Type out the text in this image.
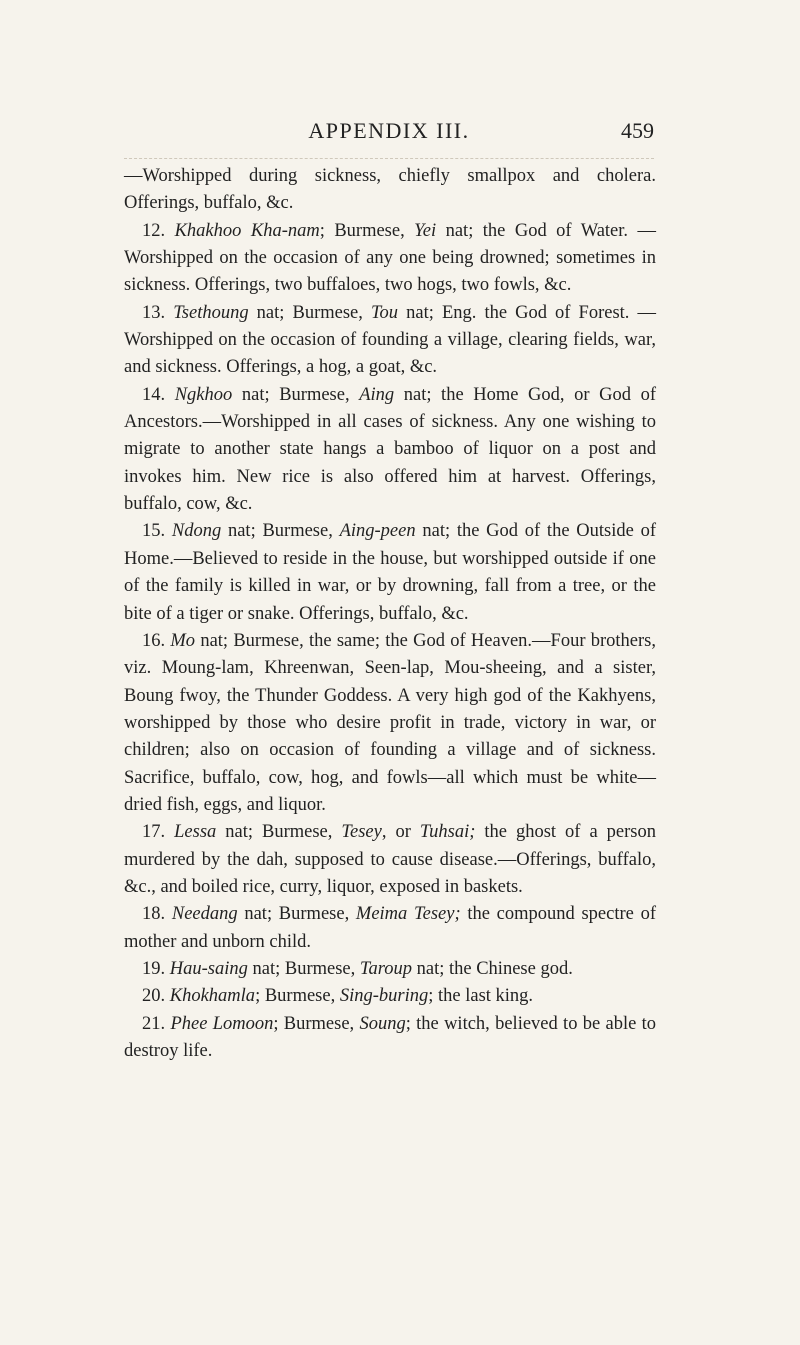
APPENDIX III.	459

—Worshipped during sickness, chiefly smallpox and cholera. Offerings, buffalo, &c.

12. Khakhoo Kha-nam; Burmese, Yei nat; the God of Water. —Worshipped on the occasion of any one being drowned; sometimes in sickness. Offerings, two buffaloes, two hogs, two fowls, &c.

13. Tsethoung nat; Burmese, Tou nat; Eng. the God of Forest. —Worshipped on the occasion of founding a village, clearing fields, war, and sickness. Offerings, a hog, a goat, &c.

14. Ngkhoo nat; Burmese, Aing nat; the Home God, or God of Ancestors.—Worshipped in all cases of sickness. Any one wishing to migrate to another state hangs a bamboo of liquor on a post and invokes him. New rice is also offered him at harvest. Offerings, buffalo, cow, &c.

15. Ndong nat; Burmese, Aing-peen nat; the God of the Outside of Home.—Believed to reside in the house, but worshipped outside if one of the family is killed in war, or by drowning, fall from a tree, or the bite of a tiger or snake. Offerings, buffalo, &c.

16. Mo nat; Burmese, the same; the God of Heaven.—Four brothers, viz. Moung-lam, Khreenwan, Seen-lap, Mou-sheeing, and a sister, Boung fwoy, the Thunder Goddess. A very high god of the Kakhyens, worshipped by those who desire profit in trade, victory in war, or children; also on occasion of founding a village and of sickness. Sacrifice, buffalo, cow, hog, and fowls—all which must be white—dried fish, eggs, and liquor.

17. Lessa nat; Burmese, Tesey, or Tuhsai; the ghost of a person murdered by the dah, supposed to cause disease.—Offerings, buffalo, &c., and boiled rice, curry, liquor, exposed in baskets.

18. Needang nat; Burmese, Meima Tesey; the compound spectre of mother and unborn child.

19. Hau-saing nat; Burmese, Taroup nat; the Chinese god.

20. Khokhamla; Burmese, Sing-buring; the last king.

21. Phee Lomoon; Burmese, Soung; the witch, believed to be able to destroy life.
